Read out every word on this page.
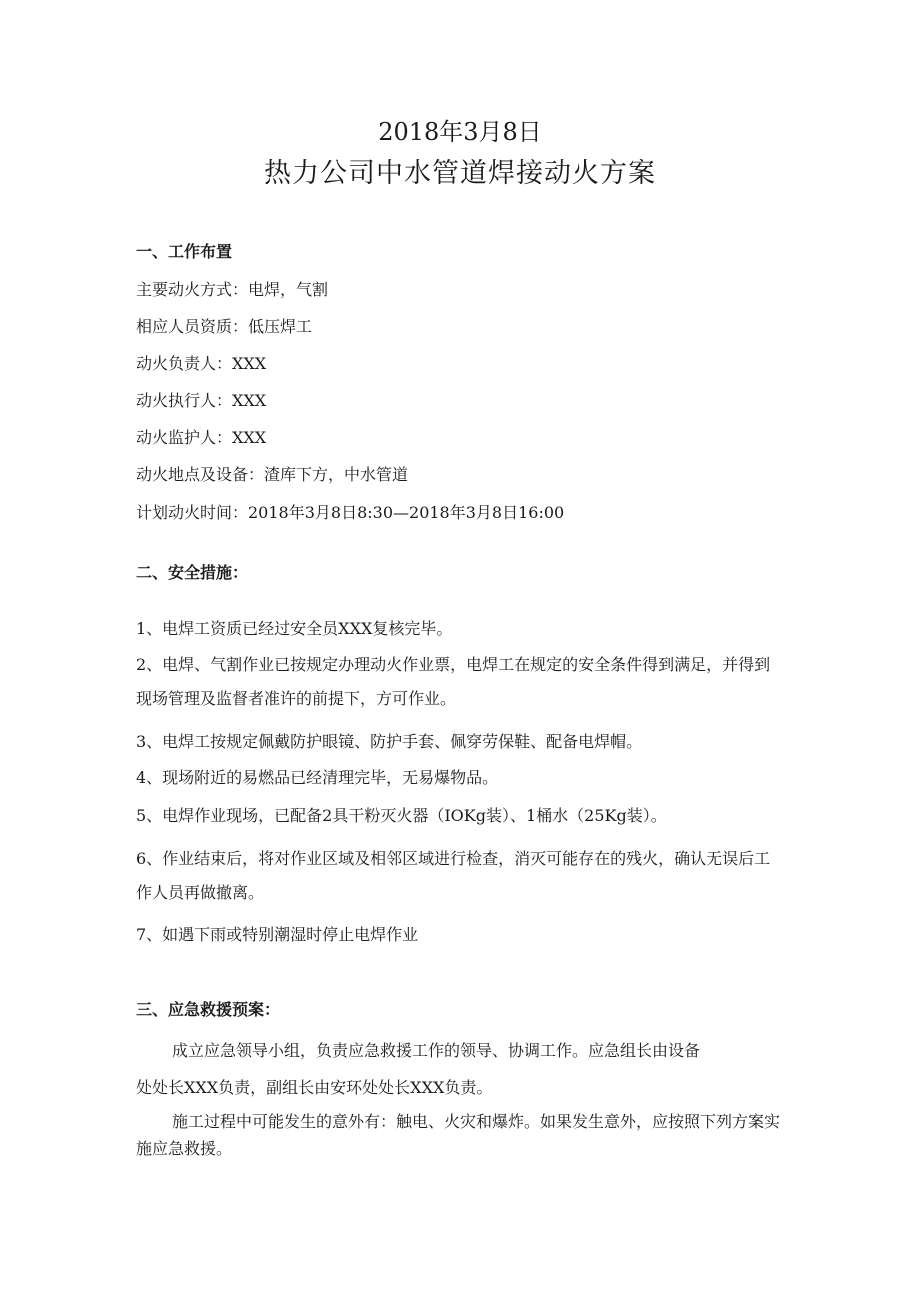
2018年3月8日
热力公司中水管道焊接动火方案
一、工作布置
主要动火方式：电焊，气割
相应人员资质：低压焊工
动火负责人：XXX
动火执行人：XXX
动火监护人：XXX
动火地点及设备：渣库下方，中水管道
计划动火时间：2018年3月8日8:30—2018年3月8日16:00
二、安全措施：
1、电焊工资质已经过安全员XXX复核完毕。
2、电焊、气割作业已按规定办理动火作业票，电焊工在规定的安全条件得到满足，并得到现场管理及监督者准许的前提下，方可作业。
3、电焊工按规定佩戴防护眼镜、防护手套、佩穿劳保鞋、配备电焊帽。
4、现场附近的易燃品已经清理完毕，无易爆物品。
5、电焊作业现场，已配备2具干粉灭火器（IOKg装）、1桶水（25Kg装）。
6、作业结束后，将对作业区域及相邻区域进行检查，消灭可能存在的残火，确认无误后工作人员再做撤离。
7、如遇下雨或特别潮湿时停止电焊作业
三、应急救援预案：
成立应急领导小组，负责应急救援工作的领导、协调工作。应急组长由设备
处处长XXX负责，副组长由安环处处长XXX负责。
施工过程中可能发生的意外有：触电、火灾和爆炸。如果发生意外，应按照下列方案实施应急救援。
